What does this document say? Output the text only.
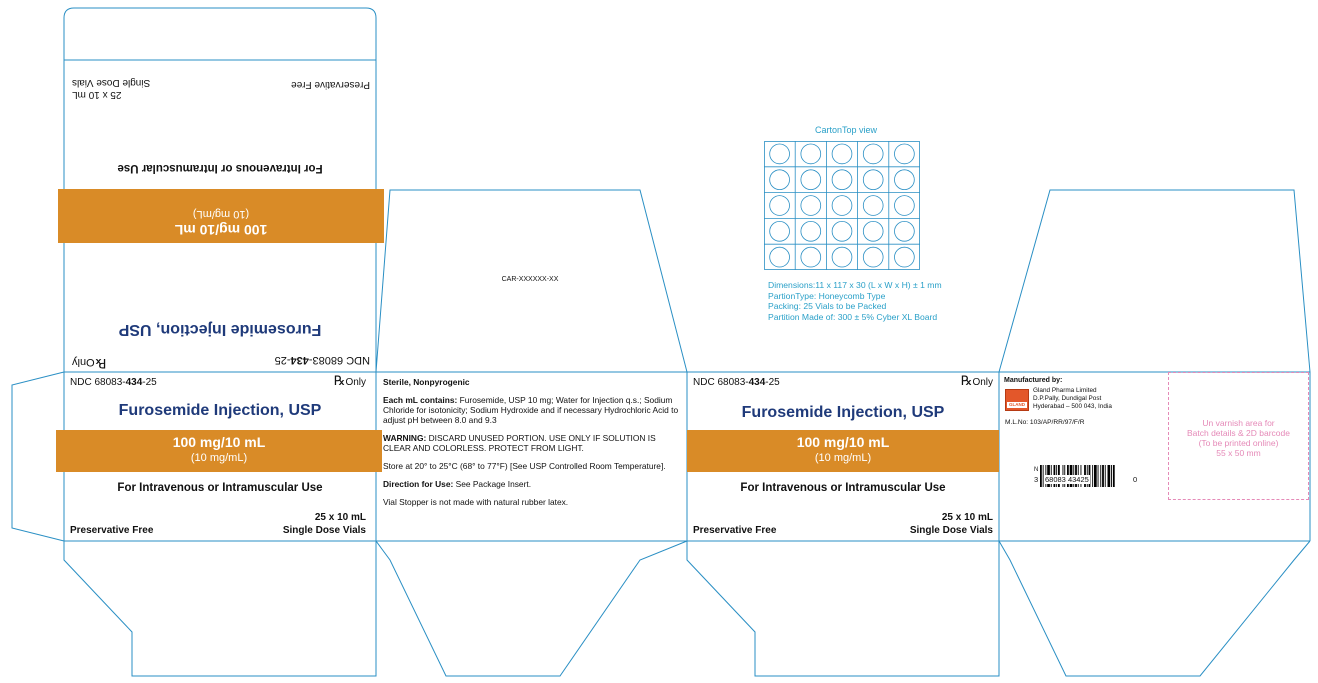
NDC 68083-434-25
℞Only
Furosemide Injection, USP
100 mg/10 mL
(10 mg/mL)
For Intravenous or Intramuscular Use
Preservative Free
25 x 10 mL
Single Dose Vials
CAR-XXXXXX-XX
CartonTop view
Dimensions:11 x 117 x 30 (L x W x H) ± 1 mm
PartionType: Honeycomb Type
Packing: 25 Vials to be Packed
Partition Made of: 300 ± 5% Cyber XL Board
NDC 68083-434-25	℞Only
Furosemide Injection, USP
100 mg/10 mL
(10 mg/mL)
For Intravenous or Intramuscular Use
25 x 10 mL
Preservative Free	Single Dose Vials

Sterile, Nonpyrogenic

Each mL contains: Furosemide, USP 10 mg; Water for Injection q.s.; Sodium Chloride for isotonicity; Sodium Hydroxide and if necessary Hydrochloric Acid to adjust pH between 8.0 and 9.3

WARNING: DISCARD UNUSED PORTION. USE ONLY IF SOLUTION IS CLEAR AND COLORLESS. PROTECT FROM LIGHT.

Store at 20° to 25°C (68° to 77°F) [See USP Controlled Room Temperature].

Direction for Use: See Package Insert.

Vial Stopper is not made with natural rubber latex.

NDC 68083-434-25	℞Only
Furosemide Injection, USP
100 mg/10 mL
(10 mg/mL)
For Intravenous or Intramuscular Use
25 x 10 mL
Preservative Free	Single Dose Vials
Manufactured by:
GLAND
Gland Pharma Limited
D.P.Pally, Dundigal Post
Hyderabad – 500 043, India
M.L.No: 103/AP/RR/97/F/R
N
3 68083 43425	0
Un varnish area for
Batch details & 2D barcode
(To be printed online)
55 x 50 mm
